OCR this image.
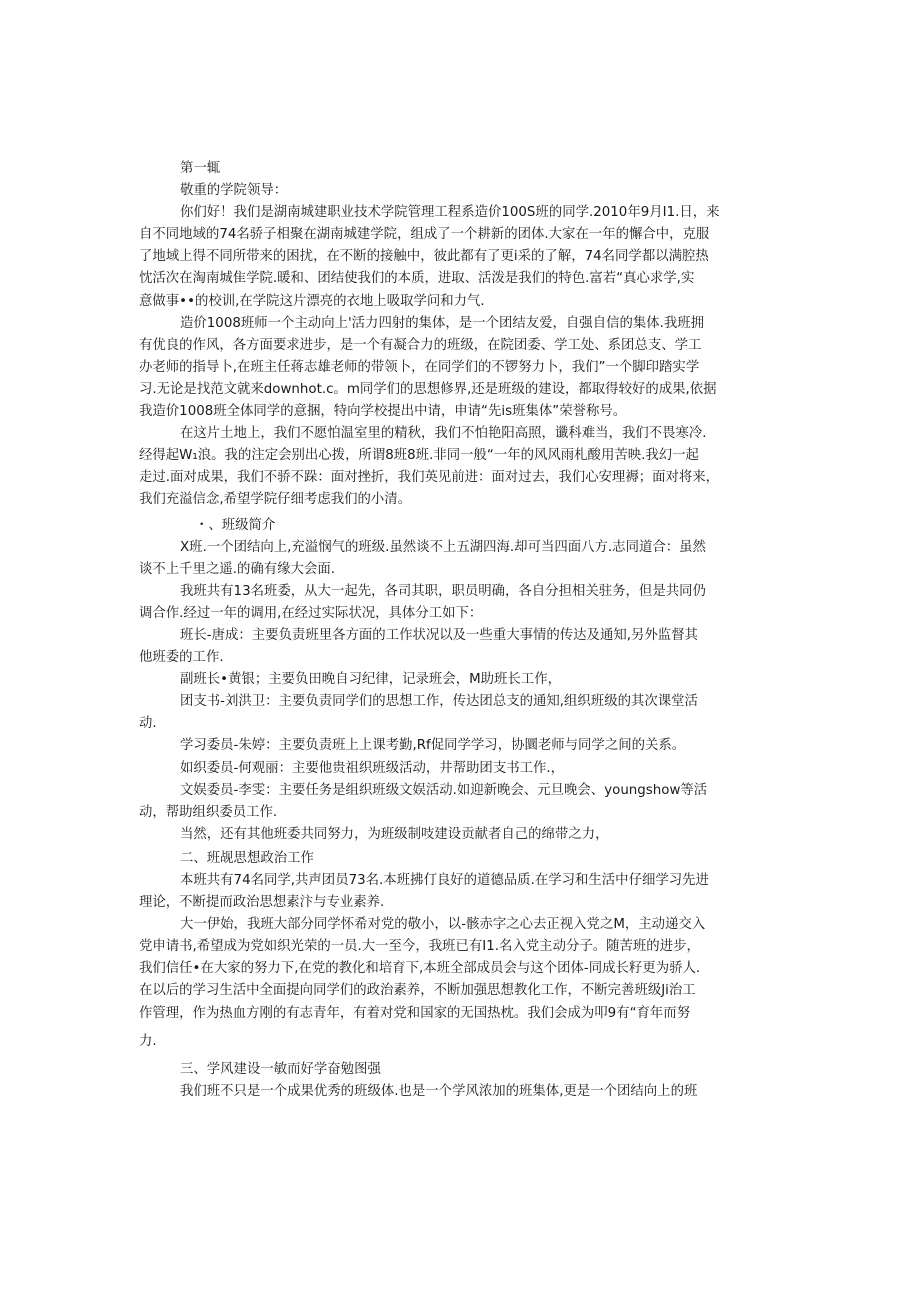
第一辄

敬重的学院领导：

你们好！我们是湖南城建职业技术学院管理工程系造价100S班的同学.2010年9月I1.日，来

自不同地域的74名骄子相聚在湖南城建学院，组成了一个耕新的团体.大家在一年的懈合中，克服

了地域上得不同所带来的困扰，在不断的接触中，彼此都有了更i采的了解，74名同学都以满腔热

忱活次在淘南城隹学院.暖和、团结使我们的本质，进取、活泼是我们的特色.富若“真心求学,实

意做事••的校训,在学院这片漂亮的衣地上吸取学问和力气.

造价1008班师一个主动向上'活力四射的集体，是一个团结友爱，自强自信的集体.我班拥

有优良的作风，各方面要求进步，是一个有凝合力的班级，在院团委、学工处、系团总支、学工

办老师的指导卜,在班主任蒋志雄老师的带领卜，在同学们的不锣努力卜，我们”一个脚印踏实学

习.无论是找范文就来downhot.c。m同学们的思想修界,还是班级的建设，都取得较好的成果,依据

我造价1008班全体同学的意捆，特向学校提出中请，申请“先is班集体”荣誉称号。

在这片土地上，我们不愿怕温室里的精秋，我们不怕艳阳高照，谶科难当，我们不畏寒冷.

经得起W₁浪。我的注定会别出心拨，所谓8班8班.非同一般“一年的风风雨札酸用苦映.我幻一起

走过.面对成果，我们不骄不跺：面对挫折，我们英见前进：面对过去，我们心安理褥；面对将来，

我们充溢信念,希望学院仔细考虑我们的小清。

・、班级简介

X班.一个团结向上,充溢悯气的班级.虽然谈不上五湖四海.却可当四面八方.志同道合：虽然

谈不上千里之遥.的确有缘大会面.

我班共有13名班委，从大一起先，各司其职，职员明确，各自分担相关驻务，但是共同仍

调合作.经过一年的调用,在经过实际状况，具体分工如下：

班长-唐成：主要负责班里各方面的工作状况以及一些重大事情的传达及通知,另外监督其

他班委的工作.

副班长•黄银；主要负田晚自习纪律，记录班会，M助班长工作，

团支书-刘洪卫：主要负责同学们的思想工作，传达团总支的通知,组织班级的其次课堂活

动.

学习委员-朱婷：主要负责班上上课考勤,Rf促同学学习，协圜老师与同学之间的关系。

如织委员-何观丽：主要他贵祖织班级活动，井帮助团支书工作.，

文娱委员-李雯：主要任务是组织班级文娱活动.如迎新晚会、元旦晚会、youngshow等活

动，帮助组织委员工作.

当然，还有其他班委共同努力，为班级制吱建设贡献者自己的绵带之力，

二、班觇思想政治工作

本班共有74名同学,共声团员73名.本班拂仃良好的道德品质.在学习和生活中仔细学习先进

理论，不断提而政治思想素汴与专业素养.

大一伊始，我班大部分同学怀希对党的敬小，以-骸赤字之心去正视入党之M，主动递交入

党申请书,希望成为党如织光荣的一员.大一至今，我班已有I1.名入党主动分子。随苦班的进步，

我们信任•在大家的努力下,在党的教化和培育下,本班全部成员会与这个团体-同成长籽更为骄人.

在以后的学习生活中全面提向同学们的政治素养，不断加强思想教化工作，不断完善班级Ji治工

作管理，作为热血方刚的有志青年，有着对党和国家的无国热枕。我们会成为叩9有“育年而努

力.

三、学风建设一敏而好学奋勉图强

我们班不只是一个成果优秀的班级体.也是一个学风浓加的班集体,更是一个团结向上的班
